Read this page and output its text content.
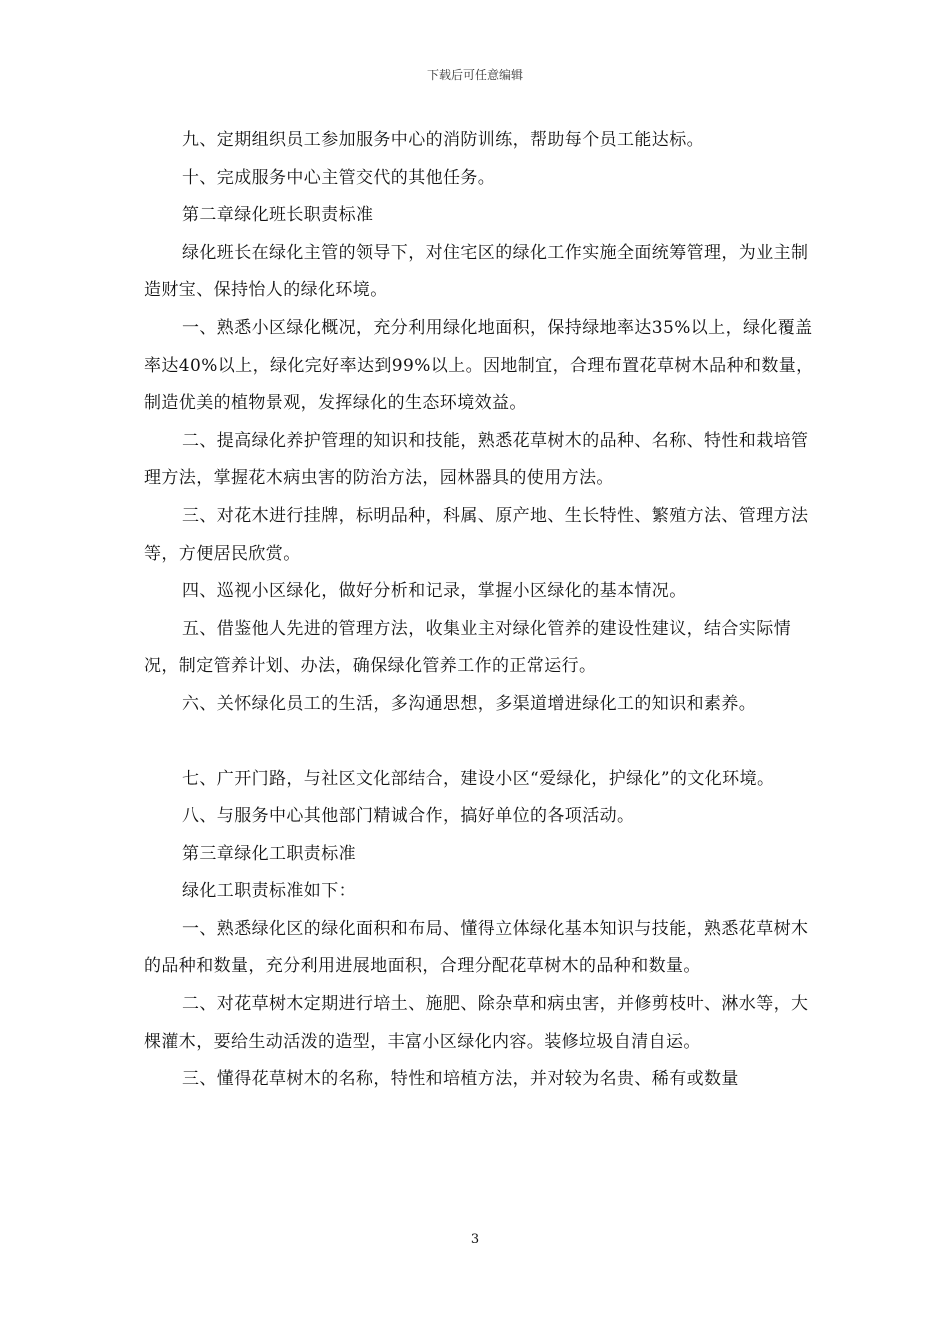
下载后可任意编辑

九、定期组织员工参加服务中心的消防训练，帮助每个员工能达标。

十、完成服务中心主管交代的其他任务。

第二章绿化班长职责标准

绿化班长在绿化主管的领导下，对住宅区的绿化工作实施全面统筹管理，为业主制造财宝、保持怡人的绿化环境。

一、熟悉小区绿化概况，充分利用绿化地面积，保持绿地率达35%以上，绿化覆盖率达40%以上，绿化完好率达到99%以上。因地制宜，合理布置花草树木品种和数量，制造优美的植物景观，发挥绿化的生态环境效益。

二、提高绿化养护管理的知识和技能，熟悉花草树木的品种、名称、特性和栽培管理方法，掌握花木病虫害的防治方法，园林器具的使用方法。

三、对花木进行挂牌，标明品种，科属、原产地、生长特性、繁殖方法、管理方法等，方便居民欣赏。

四、巡视小区绿化，做好分析和记录，掌握小区绿化的基本情况。

五、借鉴他人先进的管理方法，收集业主对绿化管养的建设性建议，结合实际情况，制定管养计划、办法，确保绿化管养工作的正常运行。

六、关怀绿化员工的生活，多沟通思想，多渠道增进绿化工的知识和素养。

七、广开门路，与社区文化部结合，建设小区“爱绿化，护绿化”的文化环境。

八、与服务中心其他部门精诚合作，搞好单位的各项活动。

第三章绿化工职责标准

绿化工职责标准如下：

一、熟悉绿化区的绿化面积和布局、懂得立体绿化基本知识与技能，熟悉花草树木的品种和数量，充分利用进展地面积，合理分配花草树木的品种和数量。

二、对花草树木定期进行培土、施肥、除杂草和病虫害，并修剪枝叶、淋水等，大棵灌木，要给生动活泼的造型，丰富小区绿化内容。装修垃圾自清自运。

三、懂得花草树木的名称，特性和培植方法，并对较为名贵、稀有或数量

3
